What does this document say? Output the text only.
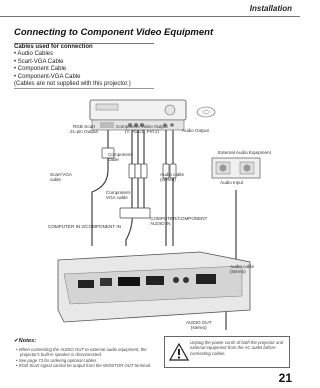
Installation
Connecting to Component Video Equipment
Cables used for connection
• Audio Cables
• Scart-VGA Cable
• Component Cable
• Component-VGA Cable
(Cables are not supplied with this projector.)
RGB Scart
21-pin Output
Component Video Output
(Y, Pb/Cb, Pr/Cr)	Audio Output
Component
cable
Scart-VGA
cable
Audio cable
(stereo)
Component-
VGA cable
External Audio Equipment
Audio Input
COMPUTER IN 2/COMPONENT IN
COMPUTER/COMPONENT
AUDIO IN
Audio cable
(stereo)
AUDIO OUT
(stereo)
✔Notes:
• When connecting the AUDIO OUT to external audio equipment, the projector's built-in speaker is disconnected.
• See page 73 for ordering optional cables.
• RGB Scart signal cannot be output from the MONITOR OUT terminal.
Unplug the power cords of both the projector and external equipment from the AC outlet before connecting cables.
21
